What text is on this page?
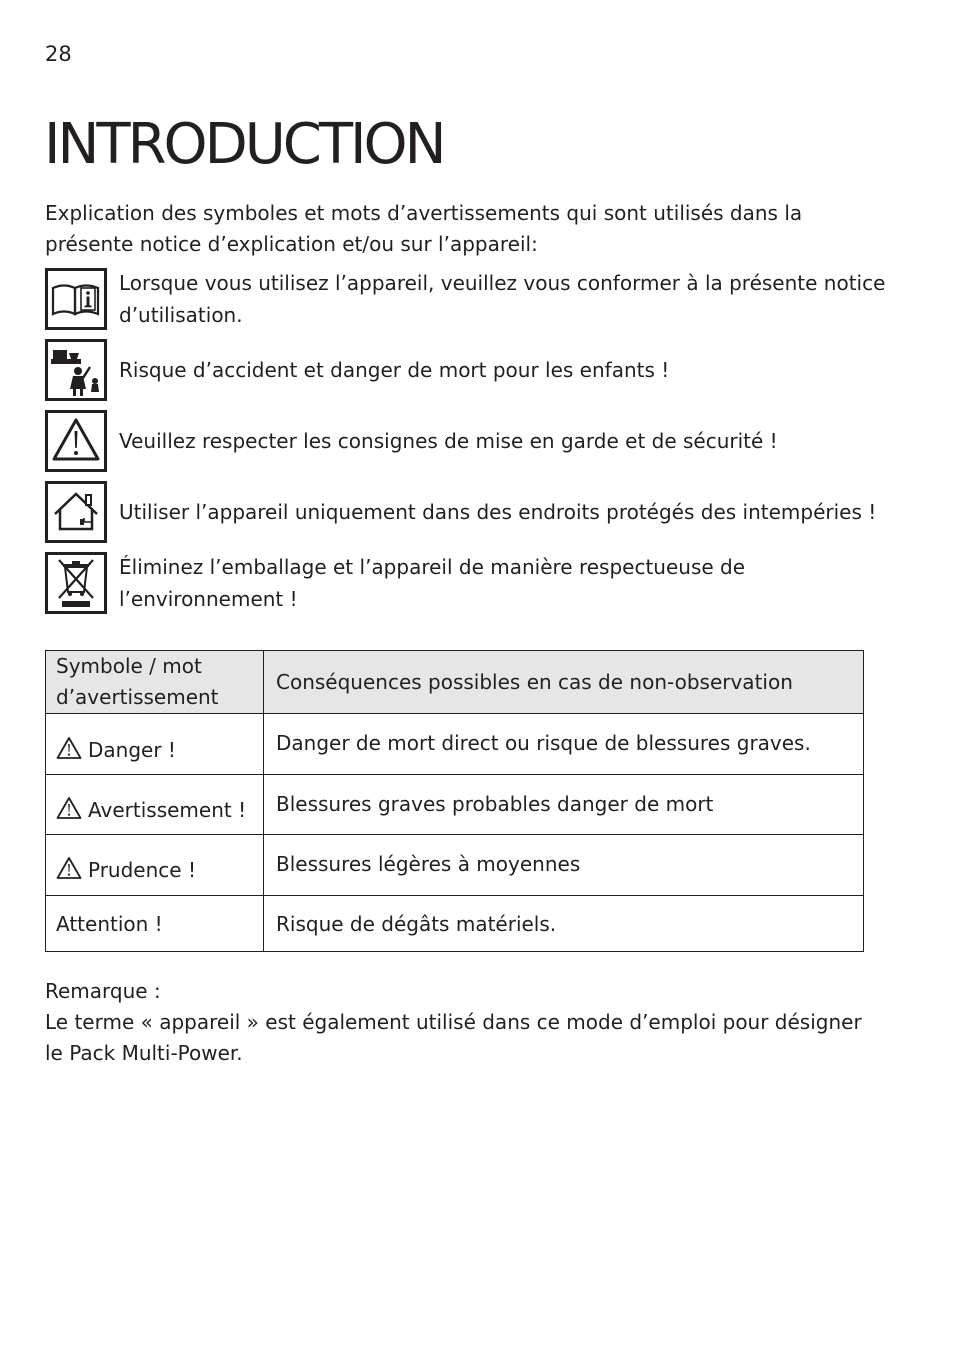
28
INTRODUCTION

Explication des symboles et mots d’avertissements qui sont utilisés dans la présente notice d’explication et/ou sur l’appareil:

Lorsque vous utilisez l’appareil, veuillez vous conformer à la présente notice d’utilisation.
Risque d’accident et danger de mort pour les enfants !
Veuillez respecter les consignes de mise en garde et de sécurité !
Utiliser l’appareil uniquement dans des endroits protégés des intempéries !
Éliminez l’emballage et l’appareil de manière respectueuse de l’environnement !
Symbole / mot d’avertissement	Conséquences possibles en cas de non-observation
Danger !	Danger de mort direct ou risque de blessures graves.
Avertissement !	Blessures graves probables danger de mort
Prudence !	Blessures légères à moyennes
Attention !	Risque de dégâts matériels.
Remarque :
Le terme « appareil » est également utilisé dans ce mode d’emploi pour désigner le Pack Multi-Power.
